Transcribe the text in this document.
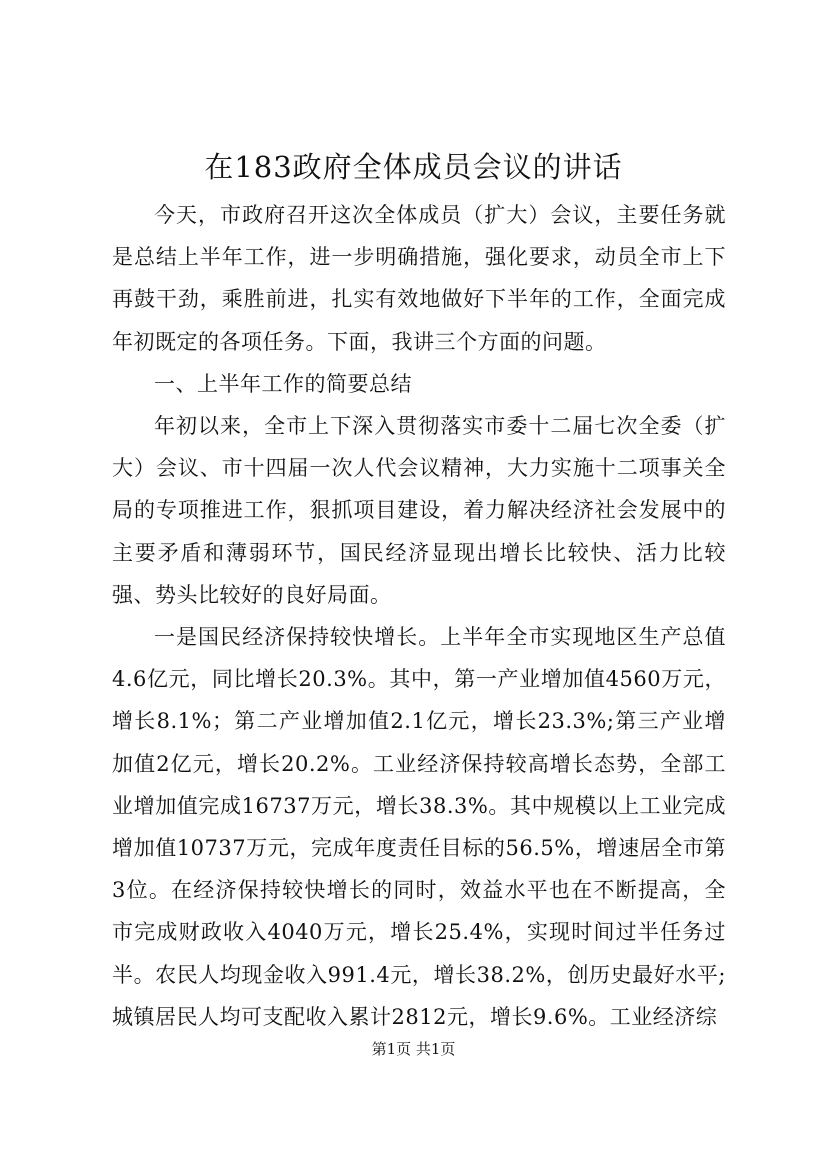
在183政府全体成员会议的讲话

今天，市政府召开这次全体成员（扩大）会议，主要任务就是总结上半年工作，进一步明确措施，强化要求，动员全市上下再鼓干劲，乘胜前进，扎实有效地做好下半年的工作，全面完成年初既定的各项任务。下面，我讲三个方面的问题。

一、上半年工作的简要总结

年初以来，全市上下深入贯彻落实市委十二届七次全委（扩大）会议、市十四届一次人代会议精神，大力实施十二项事关全局的专项推进工作，狠抓项目建设，着力解决经济社会发展中的主要矛盾和薄弱环节，国民经济显现出增长比较快、活力比较强、势头比较好的良好局面。

一是国民经济保持较快增长。上半年全市实现地区生产总值4.6亿元，同比增长20.3%。其中，第一产业增加值4560万元，增长8.1%；第二产业增加值2.1亿元，增长23.3%;第三产业增加值2亿元，增长20.2%。工业经济保持较高增长态势，全部工业增加值完成16737万元，增长38.3%。其中规模以上工业完成增加值10737万元，完成年度责任目标的56.5%，增速居全市第3位。在经济保持较快增长的同时，效益水平也在不断提高，全市完成财政收入4040万元，增长25.4%，实现时间过半任务过半。农民人均现金收入991.4元，增长38.2%，创历史最好水平;城镇居民人均可支配收入累计2812元，增长9.6%。工业经济综

第1页 共1页
